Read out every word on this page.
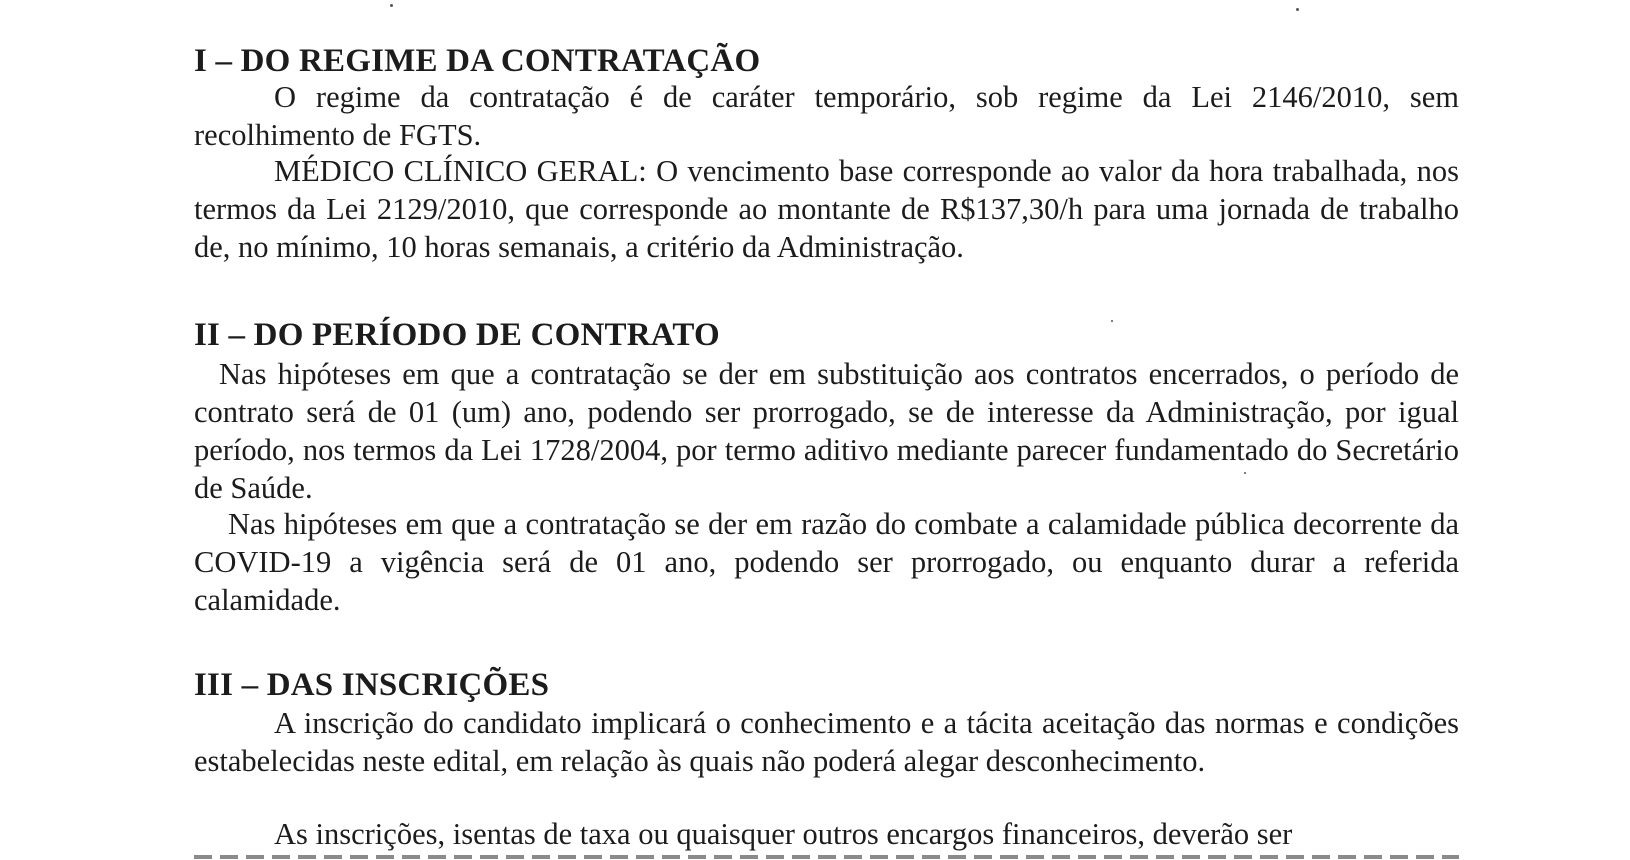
I – DO REGIME DA CONTRATAÇÃO
O regime da contratação é de caráter temporário, sob regime da Lei 2146/2010, sem recolhimento de FGTS.
MÉDICO CLÍNICO GERAL: O vencimento base corresponde ao valor da hora trabalhada, nos termos da Lei 2129/2010, que corresponde ao montante de R$137,30/h para uma jornada de trabalho de, no mínimo, 10 horas semanais, a critério da Administração.
II – DO PERÍODO DE CONTRATO
Nas hipóteses em que a contratação se der em substituição aos contratos encerrados, o período de contrato será de 01 (um) ano, podendo ser prorrogado, se de interesse da Administração, por igual período, nos termos da Lei 1728/2004, por termo aditivo mediante parecer fundamentado do Secretário de Saúde.
Nas hipóteses em que a contratação se der em razão do combate a calamidade pública decorrente da COVID-19 a vigência será de 01 ano, podendo ser prorrogado, ou enquanto durar a referida calamidade.
III – DAS INSCRIÇÕES
A inscrição do candidato implicará o conhecimento e a tácita aceitação das normas e condições estabelecidas neste edital, em relação às quais não poderá alegar desconhecimento.
As inscrições, isentas de taxa ou quaisquer outros encargos financeiros, deverão ser
